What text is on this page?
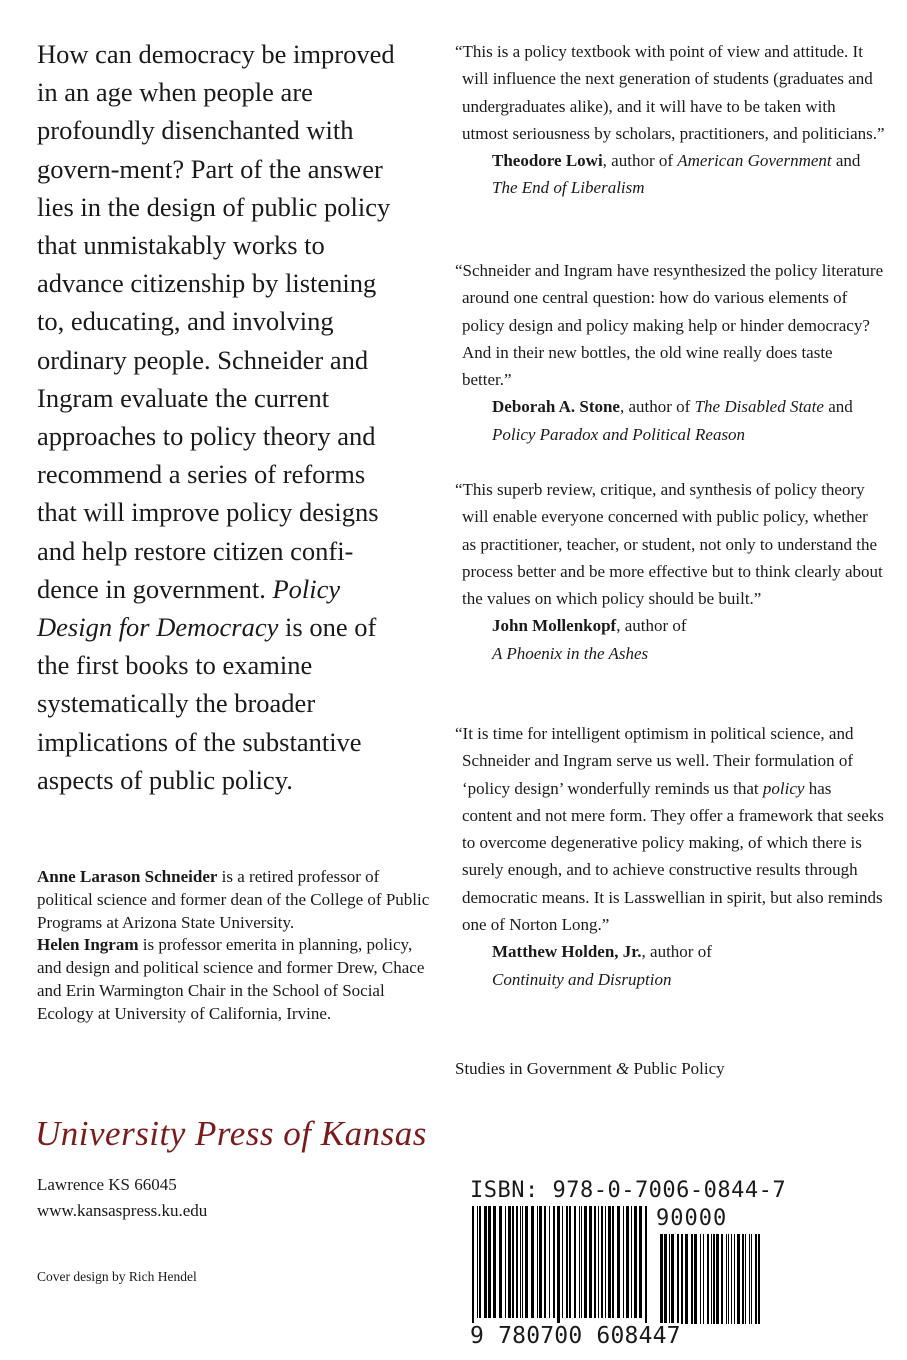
How can democracy be improved in an age when people are profoundly disenchanted with govern-ment? Part of the answer lies in the design of public policy that unmistakably works to advance citizenship by listening to, educating, and involving ordinary people. Schneider and Ingram evaluate the current approaches to policy theory and recommend a series of reforms that will improve policy designs and help restore citizen confi-dence in government. Policy Design for Democracy is one of the first books to examine systematically the broader implications of the substantive aspects of public policy.

Anne Larason Schneider is a retired professor of political science and former dean of the College of Public Programs at Arizona State University.

Helen Ingram is professor emerita in planning, policy, and design and political science and former Drew, Chace and Erin Warmington Chair in the School of Social Ecology at University of California, Irvine.

“This is a policy textbook with point of view and attitude. It will influence the next generation of students (graduates and undergraduates alike), and it will have to be taken with utmost seriousness by scholars, practitioners, and politicians.”

Theodore Lowi, author of American Government and The End of Liberalism

“Schneider and Ingram have resynthesized the policy literature around one central question: how do various elements of policy design and policy making help or hinder democracy? And in their new bottles, the old wine really does taste better.”

Deborah A. Stone, author of The Disabled State and Policy Paradox and Political Reason

“This superb review, critique, and synthesis of policy theory will enable everyone concerned with public policy, whether as practitioner, teacher, or student, not only to understand the process better and be more effective but to think clearly about the values on which policy should be built.”

John Mollenkopf, author of
A Phoenix in the Ashes

“It is time for intelligent optimism in political science, and Schneider and Ingram serve us well. Their formulation of ‘policy design’ wonderfully reminds us that policy has content and not mere form. They offer a framework that seeks to overcome degenerative policy making, of which there is surely enough, and to achieve constructive results through democratic means. It is Lasswellian in spirit, but also reminds one of Norton Long.”

Matthew Holden, Jr., author of
Continuity and Disruption
Studies in Government & Public Policy
University Press of Kansas
Lawrence KS 66045
www.kansaspress.ku.edu
Cover design by Rich Hendel
ISBN: 978-0-7006-0844-7
90000
9 780700 608447
